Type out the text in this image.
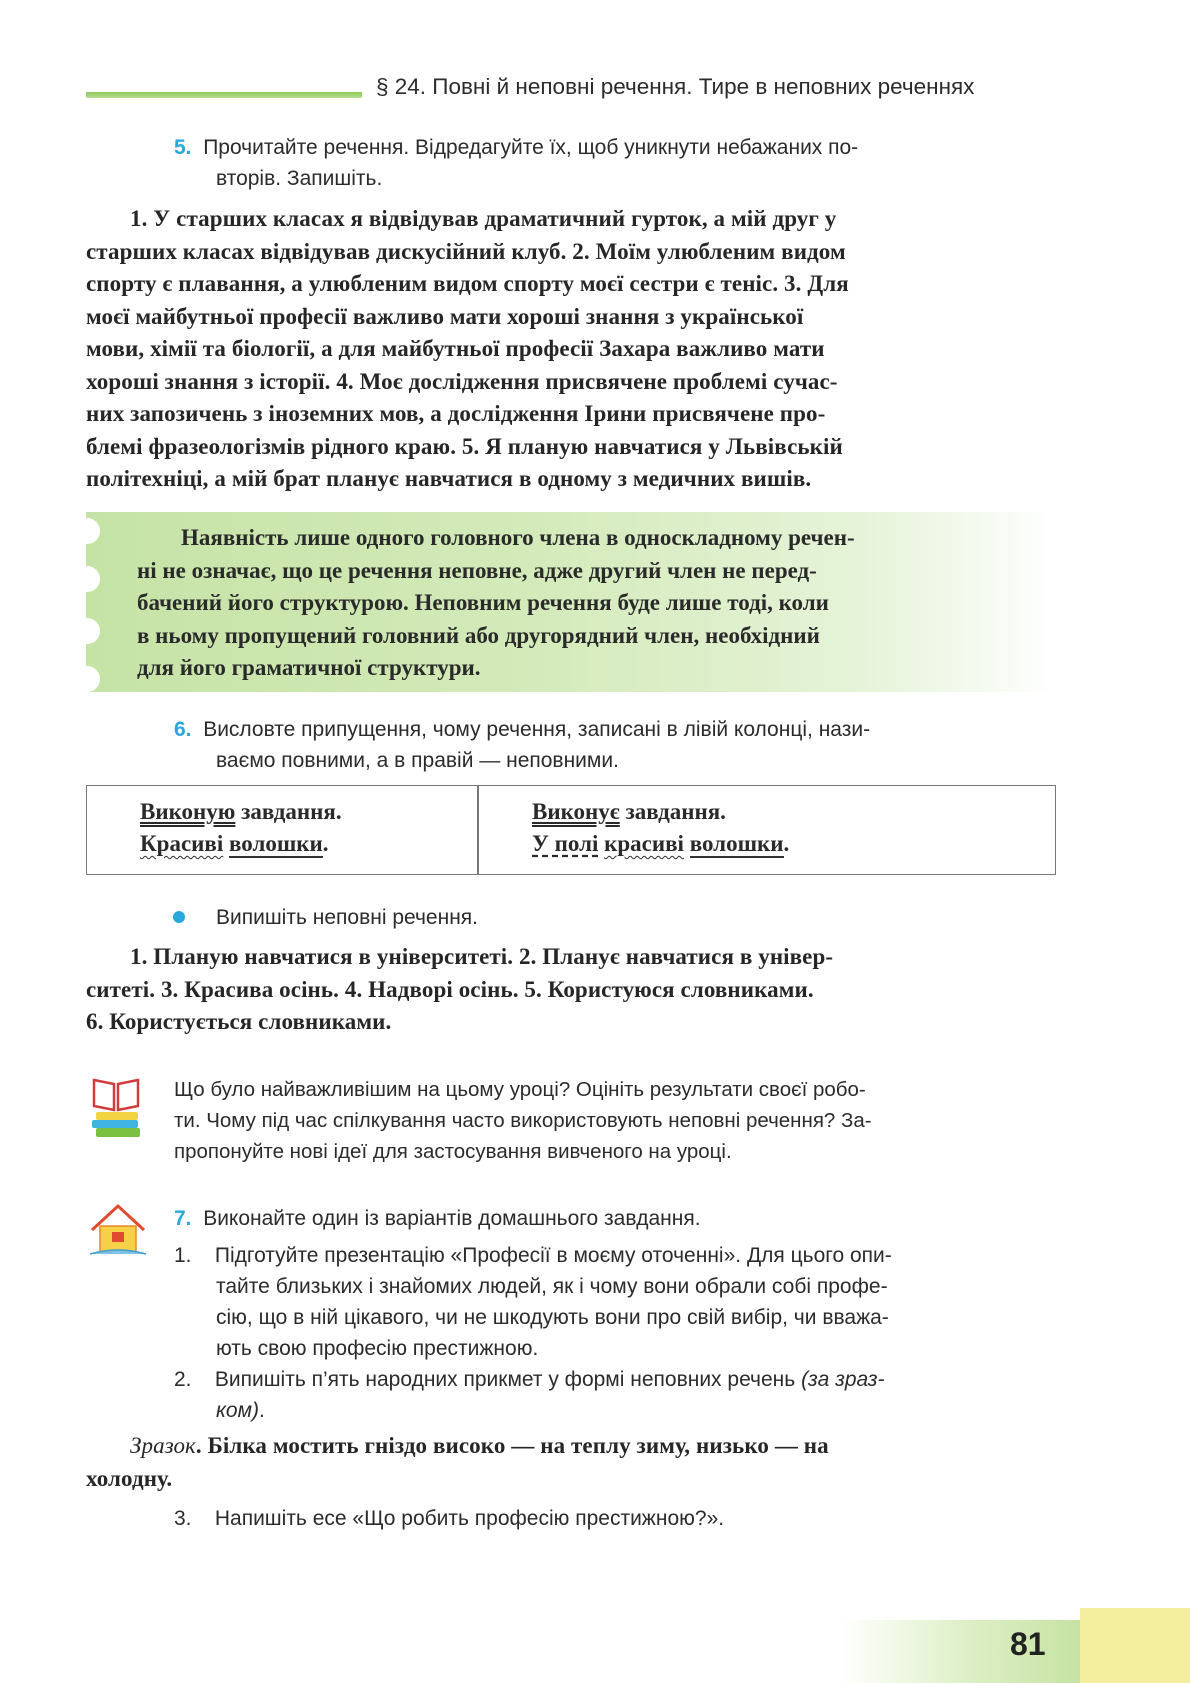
§ 24. Повні й неповні речення. Тире в неповних реченнях
5. Прочитайте речення. Відредагуйте їх, щоб уникнути небажаних по-
вторів. Запишіть.
1. У старших класах я відвідував драматичний гурток, а мій друг у
старших класах відвідував дискусійний клуб. 2. Моїм улюбленим видом
спорту є плавання, а улюбленим видом спорту моєї сестри є теніс. 3. Для
моєї майбутньої професії важливо мати хороші знання з української
мови, хімії та біології, а для майбутньої професії Захара важливо мати
хороші знання з історії. 4. Моє дослідження присвячене проблемі сучас-
них запозичень з іноземних мов, а дослідження Ірини присвячене про-
блемі фразеологізмів рідного краю. 5. Я планую навчатися у Львівській
політехніці, а мій брат планує навчатися в одному з медичних вишів.
Наявність лише одного головного члена в односкладному речен-
ні не означає, що це речення неповне, адже другий член не перед-
бачений його структурою. Неповним речення буде лише тоді, коли
в ньому пропущений головний або другорядний член, необхідний
для його граматичної структури.
6. Висловте припущення, чому речення, записані в лівій колонці, нази-
ваємо повними, а в правій — неповними.
Виконую завдання.
Красиві волошки.
Виконує завдання.
У полі красиві волошки.
Випишіть неповні речення.
1. Планую навчатися в університеті. 2. Планує навчатися в універ-
ситеті. 3. Красива осінь. 4. Надворі осінь. 5. Користуюся словниками.
6. Користується словниками.
Що було найважливішим на цьому уроці? Оцініть результати своєї робо-
ти. Чому під час спілкування часто використовують неповні речення? За-
пропонуйте нові ідеї для застосування вивченого на уроці.
7. Виконайте один із варіантів домашнього завдання.
1. Підготуйте презентацію «Професії в моєму оточенні». Для цього опи-
тайте близьких і знайомих людей, як і чому вони обрали собі профе-
сію, що в ній цікавого, чи не шкодують вони про свій вибір, чи вважа-
ють свою професію престижною.
2. Випишіть п’ять народних прикмет у формі неповних речень (за зраз-
ком).
Зразок. Білка мостить гніздо високо — на теплу зиму, низько — на
холодну.
3. Напишіть есе «Що робить професію престижною?».
81
